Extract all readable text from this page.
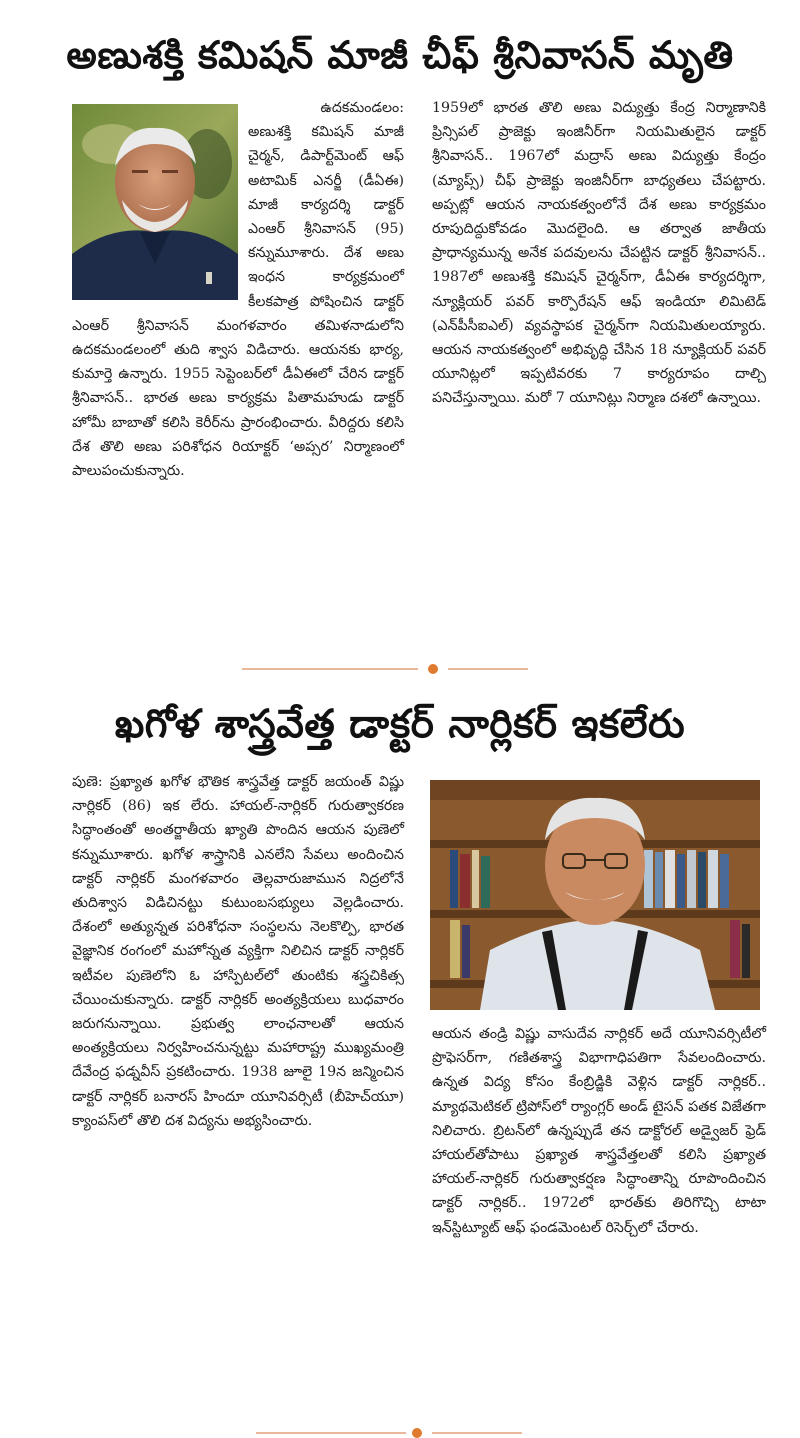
అణుశక్తి కమిషన్ మాజీ చీఫ్ శ్రీనివాసన్ మృతి

ఉదకమండలం:
అణుశక్తి కమిషన్ మాజీ చైర్మన్, డిపార్ట్‌మెంట్ ఆఫ్ అటామిక్ ఎనర్జీ (డీఏఈ) మాజీ కార్యదర్శి డాక్టర్ ఎంఆర్ శ్రీనివాసన్ (95) కన్నుమూశారు. దేశ అణు ఇంధన కార్యక్రమంలో కీలకపాత్ర పోషించిన డాక్టర్ ఎంఆర్ శ్రీనివాసన్ మంగళవారం తమిళనాడులోని ఉదకమండలంలో తుది శ్వాస విడిచారు. ఆయనకు భార్య, కుమార్తె ఉన్నారు. 1955 సెప్టెంబర్‌లో డీఏఈలో చేరిన డాక్టర్ శ్రీనివాసన్.. భారత అణు కార్యక్రమ పితామహుడు డాక్టర్ హోమీ బాబాతో కలిసి కెరీర్‌ను ప్రారంభించారు. వీరిద్దరు కలిసి దేశ తొలి అణు పరిశోధన రియాక్టర్ ‘అప్సర’ నిర్మాణంలో పాలుపంచుకున్నారు.

1959లో భారత తొలి అణు విద్యుత్తు కేంద్ర నిర్మాణానికి ప్రిన్సిపల్ ప్రాజెక్టు ఇంజినీర్‌గా నియమితులైన డాక్టర్ శ్రీనివాసన్.. 1967లో మద్రాస్ అణు విద్యుత్తు కేంద్రం (మ్యాప్స్) చీఫ్ ప్రాజెక్టు ఇంజినీర్‌గా బాధ్యతలు చేపట్టారు. అప్పట్లో ఆయన నాయకత్వంలోనే దేశ అణు కార్యక్రమం రూపుదిద్దుకోవడం మొదలైంది. ఆ తర్వాత జాతీయ ప్రాధాన్యమున్న అనేక పదవులను చేపట్టిన డాక్టర్ శ్రీనివాసన్.. 1987లో అణుశక్తి కమిషన్ చైర్మన్‌గా, డీఏఈ కార్యదర్శిగా, న్యూక్లియర్ పవర్ కార్పొరేషన్ ఆఫ్ ఇండియా లిమిటెడ్ (ఎన్‌పీసీఐఎల్) వ్యవస్థాపక చైర్మన్‌గా నియమితులయ్యారు. ఆయన నాయకత్వంలో అభివృద్ధి చేసిన 18 న్యూక్లియర్ పవర్ యూనిట్లలో ఇప్పటివరకు 7 కార్యరూపం దాల్చి పనిచేస్తున్నాయి. మరో 7 యూనిట్లు నిర్మాణ దశలో ఉన్నాయి.

ఖగోళ శాస్త్రవేత్త డాక్టర్ నార్లికర్ ఇకలేరు

పుణె: ప్రఖ్యాత ఖగోళ భౌతిక శాస్త్రవేత్త డాక్టర్ జయంత్ విష్ణు నార్లికర్ (86) ఇక లేరు. హాయల్-నార్లికర్ గురుత్వాకరణ సిద్ధాంతంతో అంతర్జాతీయ ఖ్యాతి పొందిన ఆయన పుణెలో కన్నుమూశారు. ఖగోళ శాస్త్రానికి ఎనలేని సేవలు అందించిన డాక్టర్ నార్లికర్ మంగళవారం తెల్లవారుజామున నిద్రలోనే తుదిశ్వాస విడిచినట్టు కుటుంబసభ్యులు వెల్లడించారు. దేశంలో అత్యున్నత పరిశోధనా సంస్థలను నెలకొల్పి, భారత వైజ్ఞానిక రంగంలో మహోన్నత వ్యక్తిగా నిలిచిన డాక్టర్ నార్లికర్ ఇటీవల పుణెలోని ఓ హాస్పిటల్‌లో తుంటికు శస్త్రచికిత్స చేయించుకున్నారు. డాక్టర్ నార్లికర్ అంత్యక్రియలు బుధవారం జరుగనున్నాయి. ప్రభుత్వ లాంఛనాలతో ఆయన అంత్యక్రియలు నిర్వహించనున్నట్టు మహారాష్ట్ర ముఖ్యమంత్రి దేవేంద్ర ఫడ్నవీస్ ప్రకటించారు. 1938 జూలై 19న జన్మించిన డాక్టర్ నార్లికర్ బనారస్ హిందూ యూనివర్సిటీ (బీహెచ్‌యూ) క్యాంపస్‌లో తొలి దశ విద్యను అభ్యసించారు.

ఆయన తండ్రి విష్ణు వాసుదేవ నార్లికర్ అదే యూనివర్సిటీలో ప్రొఫెసర్‌గా, గణితశాస్త్ర విభాగాధిపతిగా సేవలందించారు. ఉన్నత విద్య కోసం కేంబ్రిడ్జికి వెళ్లిన డాక్టర్ నార్లికర్.. మ్యాథమెటికల్ ట్రిపోస్‌లో ర్యాంగ్లర్ అండ్ టైసన్ పతక విజేతగా నిలిచారు. బ్రిటన్‌లో ఉన్నప్పుడే తన డాక్టోరల్ అడ్వైజర్ ఫ్రెడ్ హాయల్‌తోపాటు ప్రఖ్యాత శాస్త్రవేత్తలతో కలిసి ప్రఖ్యాత హాయల్-నార్లికర్ గురుత్వాకర్షణ సిద్ధాంతాన్ని రూపొందించిన డాక్టర్ నార్లికర్.. 1972లో భారత్‌కు తిరిగొచ్చి టాటా ఇన్‌స్టిట్యూట్ ఆఫ్ ఫండమెంటల్ రిసెర్చ్‌లో చేరారు.
